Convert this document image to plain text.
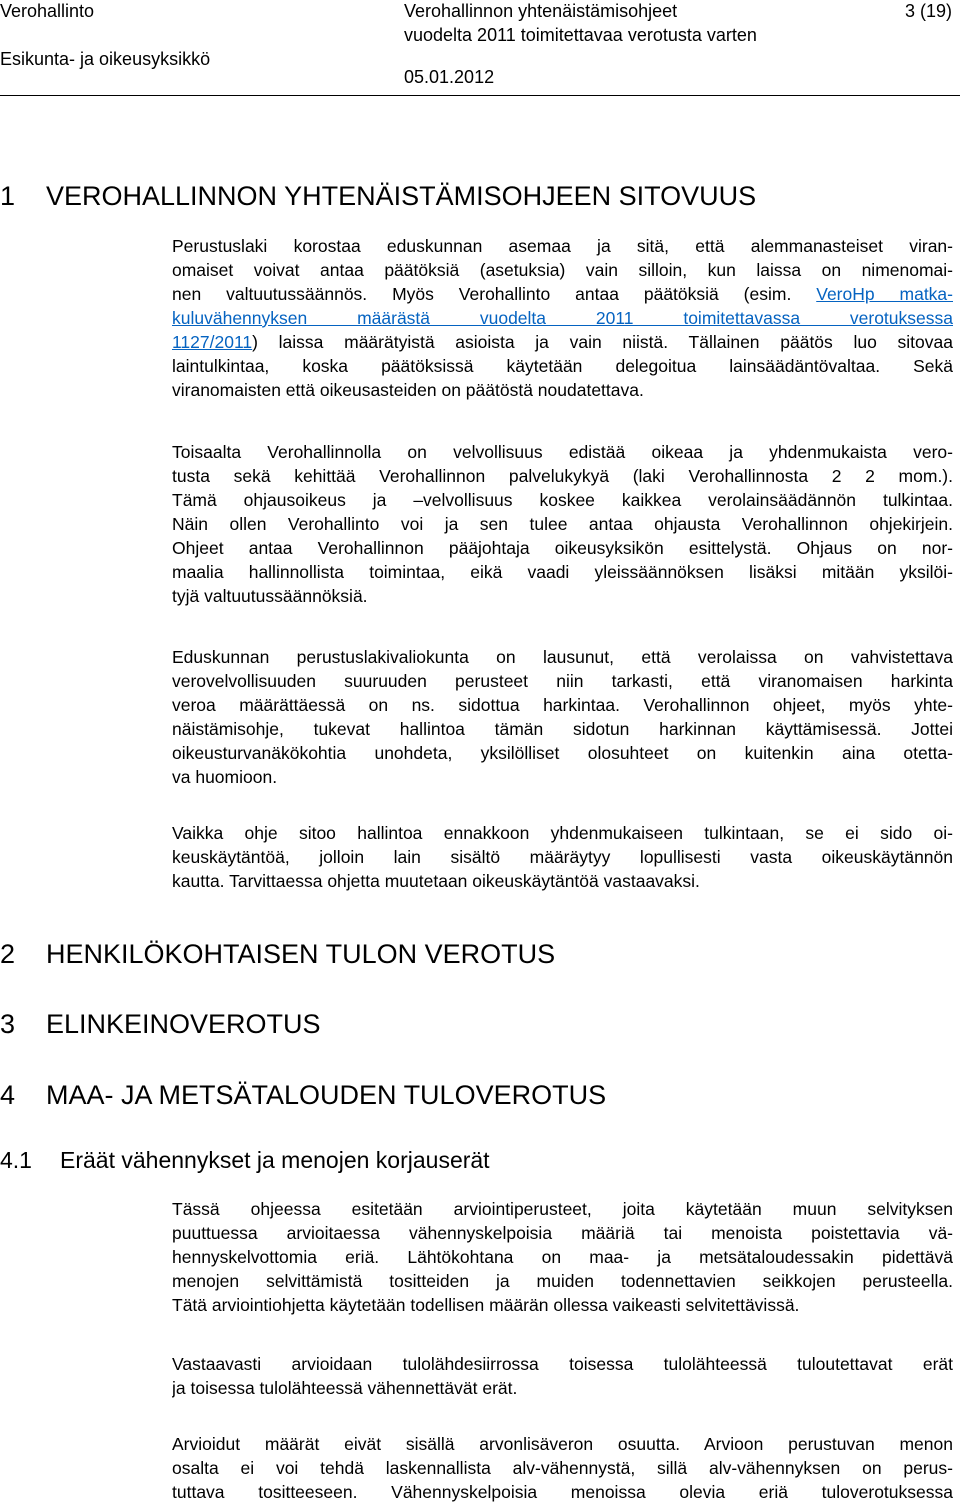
Verohallinto
Esikunta- ja oikeusyksikkö
Verohallinnon yhtenäistämisohjeet
vuodelta 2011 toimitettavaa verotusta varten
05.01.2012
3 (19)
1 VEROHALLINNON YHTENÄISTÄMISOHJEEN SITOVUUS
Perustuslaki korostaa eduskunnan asemaa ja sitä, että alemmanasteiset viran-
omaiset voivat antaa päätöksiä (asetuksia) vain silloin, kun laissa on nimenomai-
nen valtuutussäännös. Myös Verohallinto antaa päätöksiä (esim. VeroHp matka-
kuluvähennyksen määrästä vuodelta 2011 toimitettavassa verotuksessa
1127/2011) laissa määrätyistä asioista ja vain niistä. Tällainen päätös luo sitovaa
laintulkintaa, koska päätöksissä käytetään delegoitua lainsäädäntövaltaa. Sekä
viranomaisten että oikeusasteiden on päätöstä noudatettava.
Toisaalta Verohallinnolla on velvollisuus edistää oikeaa ja yhdenmukaista vero-
tusta sekä kehittää Verohallinnon palvelukykyä (laki Verohallinnosta 2 2 mom.).
Tämä ohjausoikeus ja –velvollisuus koskee kaikkea verolainsäädännön tulkintaa.
Näin ollen Verohallinto voi ja sen tulee antaa ohjausta Verohallinnon ohjekirjein.
Ohjeet antaa Verohallinnon pääjohtaja oikeusyksikön esittelystä. Ohjaus on nor-
maalia hallinnollista toimintaa, eikä vaadi yleissäännöksen lisäksi mitään yksilöi-
tyjä valtuutussäännöksiä.
Eduskunnan perustuslakivaliokunta on lausunut, että verolaissa on vahvistettava
verovelvollisuuden suuruuden perusteet niin tarkasti, että viranomaisen harkinta
veroa määrättäessä on ns. sidottua harkintaa. Verohallinnon ohjeet, myös yhte-
näistämisohje, tukevat hallintoa tämän sidotun harkinnan käyttämisessä. Jottei
oikeusturvanäkökohtia unohdeta, yksilölliset olosuhteet on kuitenkin aina otetta-
va huomioon.
Vaikka ohje sitoo hallintoa ennakkoon yhdenmukaiseen tulkintaan, se ei sido oi-
keuskäytäntöä, jolloin lain sisältö määräytyy lopullisesti vasta oikeuskäytännön
kautta. Tarvittaessa ohjetta muutetaan oikeuskäytäntöä vastaavaksi.
2 HENKILÖKOHTAISEN TULON VEROTUS
3 ELINKEINOVEROTUS
4 MAA- JA METSÄTALOUDEN TULOVEROTUS
4.1 Eräät vähennykset ja menojen korjauserät
Tässä ohjeessa esitetään arviointiperusteet, joita käytetään muun selvityksen
puuttuessa arvioitaessa vähennyskelpoisia määriä tai menoista poistettavia vä-
hennyskelvottomia eriä. Lähtökohtana on maa- ja metsätaloudessakin pidettävä
menojen selvittämistä tositteiden ja muiden todennettavien seikkojen perusteella.
Tätä arviointiohjetta käytetään todellisen määrän ollessa vaikeasti selvitettävissä.
Vastaavasti arvioidaan tulolähdesiirrossa toisessa tulolähteessä tuloutettavat erät
ja toisessa tulolähteessä vähennettävät erät.
Arvioidut määrät eivät sisällä arvonlisäveron osuutta. Arvioon perustuvan menon
osalta ei voi tehdä laskennallista alv-vähennystä, sillä alv-vähennyksen on perus-
tuttava tositteeseen. Vähennyskelpoisia menoissa olevia eriä tuloverotuksessa
